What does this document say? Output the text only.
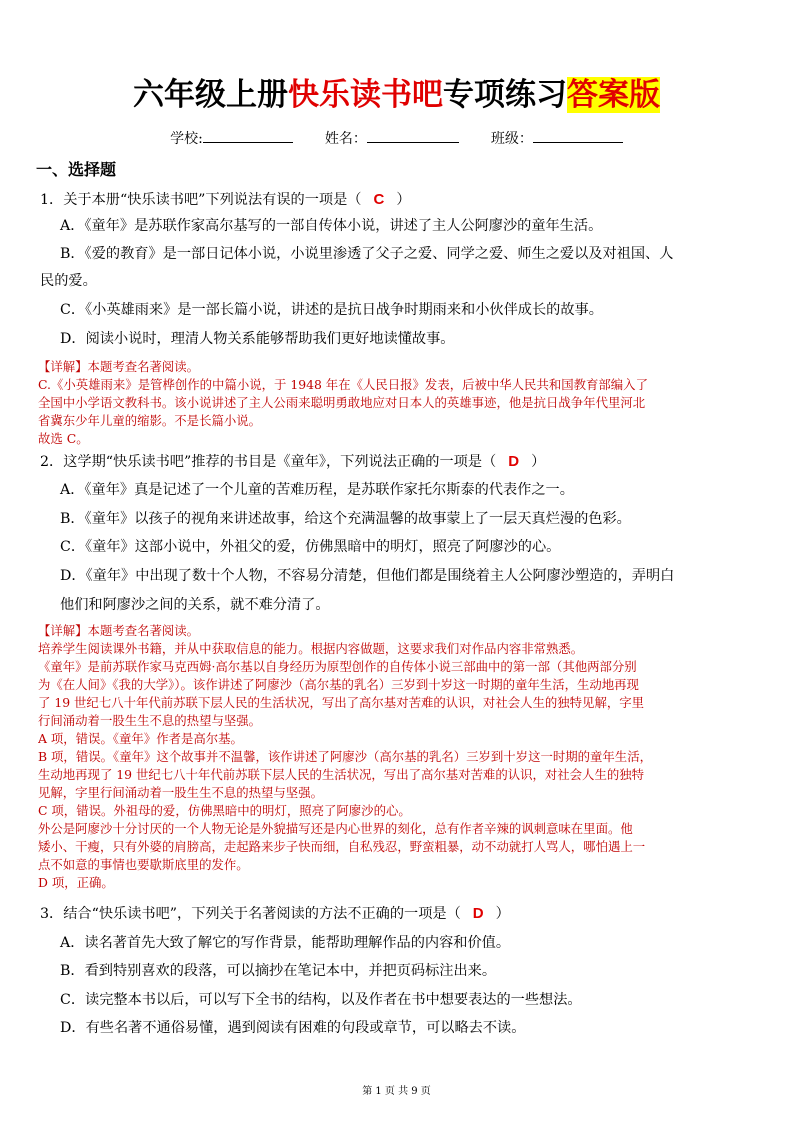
六年级上册快乐读书吧专项练习答案版
学校:	姓名：	班级：
一、选择题
1．关于本册“快乐读书吧”下列说法有误的一项是（ C ）
A．《童年》是苏联作家高尔基写的一部自传体小说，讲述了主人公阿廖沙的童年生活。
B．《爱的教育》是一部日记体小说，小说里渗透了父子之爱、同学之爱、师生之爱以及对祖国、人
民的爱。
C．《小英雄雨来》是一部长篇小说，讲述的是抗日战争时期雨来和小伙伴成长的故事。
D．阅读小说时，理清人物关系能够帮助我们更好地读懂故事。
【详解】本题考查名著阅读。
C.《小英雄雨来》是管桦创作的中篇小说，于 1948 年在《人民日报》发表，后被中华人民共和国教育部编入了
全国中小学语文教科书。该小说讲述了主人公雨来聪明勇敢地应对日本人的英雄事迹，他是抗日战争年代里河北
省冀东少年儿童的缩影。不是长篇小说。
故选 C。
2．这学期“快乐读书吧”推荐的书目是《童年》，下列说法正确的一项是（ D ）
A．《童年》真是记述了一个儿童的苦难历程，是苏联作家托尔斯泰的代表作之一。
B．《童年》以孩子的视角来讲述故事，给这个充满温馨的故事蒙上了一层天真烂漫的色彩。
C．《童年》这部小说中，外祖父的爱，仿佛黑暗中的明灯，照亮了阿廖沙的心。
D．《童年》中出现了数十个人物，不容易分清楚，但他们都是围绕着主人公阿廖沙塑造的，弄明白
他们和阿廖沙之间的关系，就不难分清了。
【详解】本题考查名著阅读。
培养学生阅读课外书籍，并从中获取信息的能力。根据内容做题，这要求我们对作品内容非常熟悉。
《童年》是前苏联作家马克西姆·高尔基以自身经历为原型创作的自传体小说三部曲中的第一部（其他两部分别
为《在人间》《我的大学》）。该作讲述了阿廖沙（高尔基的乳名）三岁到十岁这一时期的童年生活，生动地再现
了 19 世纪七八十年代前苏联下层人民的生活状况，写出了高尔基对苦难的认识，对社会人生的独特见解，字里
行间涌动着一股生生不息的热望与坚强。
A 项，错误。《童年》作者是高尔基。
B 项，错误。《童年》这个故事并不温馨，该作讲述了阿廖沙（高尔基的乳名）三岁到十岁这一时期的童年生活，
生动地再现了 19 世纪七八十年代前苏联下层人民的生活状况，写出了高尔基对苦难的认识，对社会人生的独特
见解，字里行间涌动着一股生生不息的热望与坚强。
C 项，错误。外祖母的爱，仿佛黑暗中的明灯，照亮了阿廖沙的心。
外公是阿廖沙十分讨厌的一个人物无论是外貌描写还是内心世界的刻化，总有作者辛辣的讽刺意味在里面。他
矮小、干瘦，只有外婆的肩膀高，走起路来步子快而细，自私残忍，野蛮粗暴，动不动就打人骂人，哪怕遇上一
点不如意的事情也要歇斯底里的发作。
D 项，正确。
3．结合“快乐读书吧”，下列关于名著阅读的方法不正确的一项是（ D ）
A．读名著首先大致了解它的写作背景，能帮助理解作品的内容和价值。
B．看到特别喜欢的段落，可以摘抄在笔记本中，并把页码标注出来。
C．读完整本书以后，可以写下全书的结构，以及作者在书中想要表达的一些想法。
D．有些名著不通俗易懂，遇到阅读有困难的句段或章节，可以略去不读。
第 1 页 共 9 页
